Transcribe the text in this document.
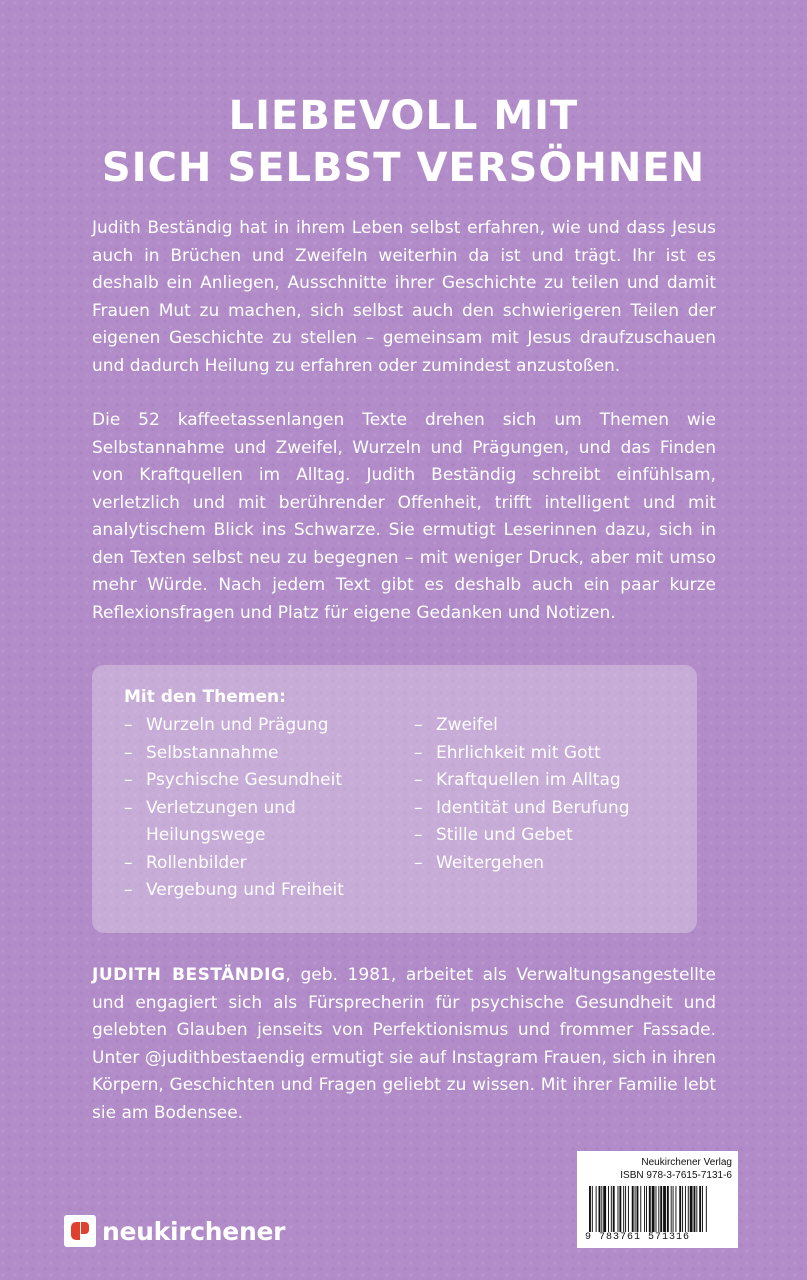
LIEBEVOLL MIT
SICH SELBST VERSÖHNEN

Judith Beständig hat in ihrem Leben selbst erfahren, wie und dass Jesus auch in Brüchen und Zweifeln weiterhin da ist und trägt. Ihr ist es deshalb ein Anliegen, Ausschnitte ihrer Geschichte zu teilen und damit Frauen Mut zu machen, sich selbst auch den schwierigeren Teilen der eigenen Geschichte zu stellen – gemeinsam mit Jesus draufzuschauen und dadurch Heilung zu erfahren oder zumindest anzustoßen.

Die 52 kaffeetassenlangen Texte drehen sich um Themen wie Selbstannahme und Zweifel, Wurzeln und Prägungen, und das Finden von Kraftquellen im Alltag. Judith Beständig schreibt einfühlsam, verletzlich und mit berührender Offenheit, trifft intelligent und mit analytischem Blick ins Schwarze. Sie ermutigt Leserinnen dazu, sich in den Texten selbst neu zu begegnen – mit weniger Druck, aber mit umso mehr Würde. Nach jedem Text gibt es deshalb auch ein paar kurze Reflexionsfragen und Platz für eigene Gedanken und Notizen.

Mit den Themen:
– Wurzeln und Prägung
– Selbstannahme
– Psychische Gesundheit
– Verletzungen und Heilungswege
– Rollenbilder
– Vergebung und Freiheit
– Zweifel
– Ehrlichkeit mit Gott
– Kraftquellen im Alltag
– Identität und Berufung
– Stille und Gebet
– Weitergehen

JUDITH BESTÄNDIG, geb. 1981, arbeitet als Verwaltungsangestellte und engagiert sich als Fürsprecherin für psychische Gesundheit und gelebten Glauben jenseits von Perfektionismus und frommer Fassade. Unter @judithbestaendig ermutigt sie auf Instagram Frauen, sich in ihren Körpern, Geschichten und Fragen geliebt zu wissen. Mit ihrer Familie lebt sie am Bodensee.

neukirchener
Neukirchener Verlag
ISBN 978-3-7615-7131-6
9 783761 571316
